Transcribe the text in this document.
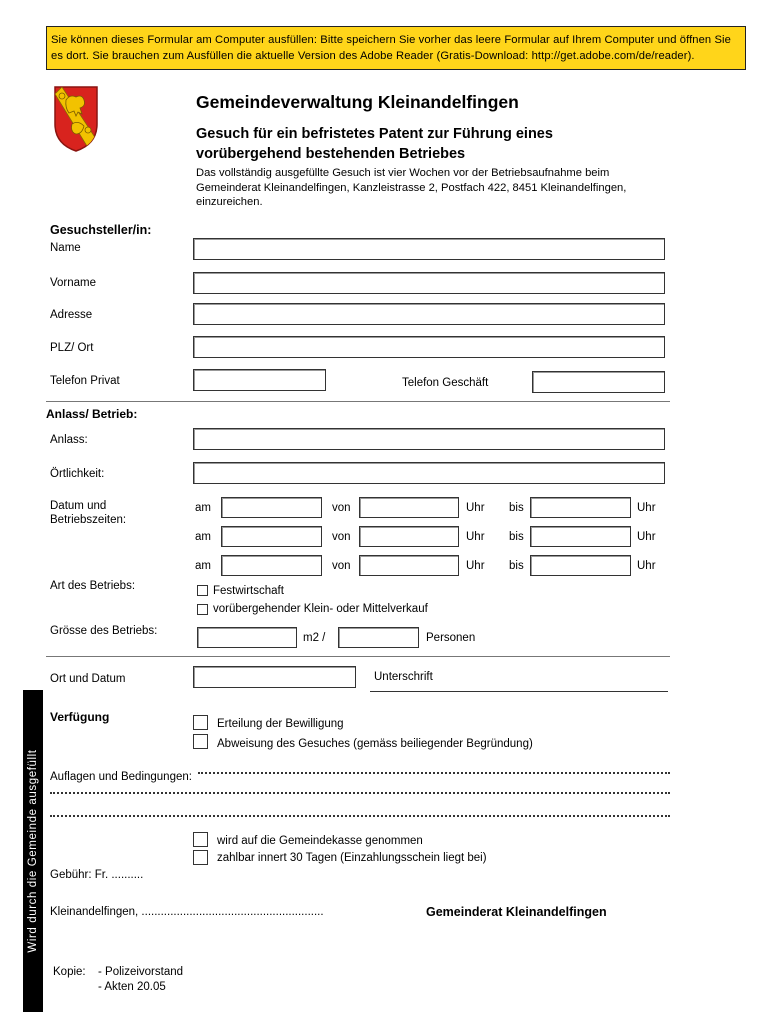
Sie können dieses Formular am Computer ausfüllen: Bitte speichern Sie vorher das leere Formular auf Ihrem Computer und öffnen Sie es dort. Sie brauchen zum Ausfüllen die aktuelle Version des Adobe Reader (Gratis-Download: http://get.adobe.com/de/reader).
Gemeindeverwaltung Kleinandelfingen
Gesuch für ein befristetes Patent zur Führung eines
vorübergehend bestehenden Betriebes
Das vollständig ausgefüllte Gesuch ist vier Wochen vor der Betriebsaufnahme beim
Gemeinderat Kleinandelfingen, Kanzleistrasse 2, Postfach 422, 8451 Kleinandelfingen,
einzureichen.
Gesuchsteller/in:
Name
Vorname
Adresse
PLZ/ Ort
Telefon Privat	Telefon Geschäft
Anlass/ Betrieb:
Anlass:
Örtlichkeit:
Datum und
Betriebszeiten:
am	von	Uhr bis	Uhr
am	von	Uhr bis	Uhr
am	von	Uhr bis	Uhr
Art des Betriebs:	Festwirtschaft
vorübergehender Klein- oder Mittelverkauf
Grösse des Betriebs:
m2 /	Personen
Ort und Datum	Unterschrift
Wird durch die Gemeinde ausgefüllt
Verfügung	Erteilung der Bewilligung
Abweisung des Gesuches (gemäss beiliegender Begründung)
Auflagen und Bedingungen:
wird auf die Gemeindekasse genommen
zahlbar innert 30 Tagen (Einzahlungsschein liegt bei)
Gebühr: Fr. ..........
Kleinandelfingen, .........................................................	Gemeinderat Kleinandelfingen
Kopie: - Polizeivorstand
- Akten 20.05
